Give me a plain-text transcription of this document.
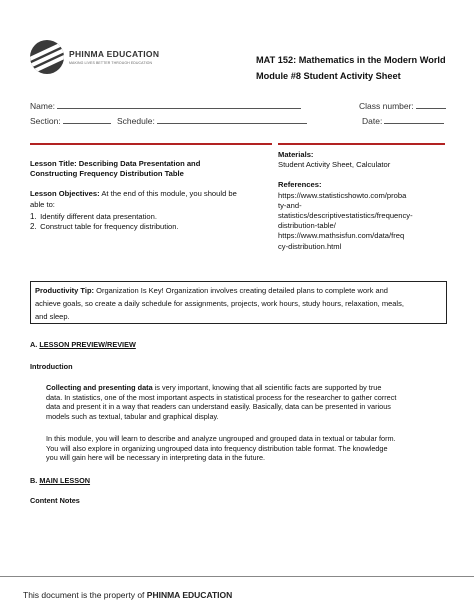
PHINMA EDUCATION
MAKING LIVES BETTER THROUGH EDUCATION	MAT 152: Mathematics in the Modern World
Module #8 Student Activity Sheet
Name:	Class number:
Section:	Schedule:	Date:
Lesson Title: Describing Data Presentation and
Constructing Frequency Distribution Table
Lesson Objectives: At the end of this module, you should be
able to:
1. Identify different data presentation.
2. Construct table for frequency distribution.
Materials:
Student Activity Sheet, Calculator
References:
https://www.statisticshowto.com/proba
ty-and-
statistics/descriptivestatistics/frequency-
distribution-table/
https://www.mathsisfun.com/data/freq
cy-distribution.html
Productivity Tip: Organization Is Key! Organization involves creating detailed plans to complete work and
achieve goals, so create a daily schedule for assignments, projects, work hours, study hours, relaxation, meals,
and sleep.
A. LESSON PREVIEW/REVIEW
Introduction
Collecting and presenting data is very important, knowing that all scientific facts are supported by true
data. In statistics, one of the most important aspects in statistical process for the researcher to gather correct
data and present it in a way that readers can understand easily. Basically, data can be presented in various
models such as textual, tabular and graphical display.
In this module, you will learn to describe and analyze ungrouped and grouped data in textual or tabular form.
You will also explore in organizing ungrouped data into frequency distribution table format. The knowledge
you will gain here will be necessary in interpreting data in the future.
B. MAIN LESSON
Content Notes
This document is the property of PHINMA EDUCATION
